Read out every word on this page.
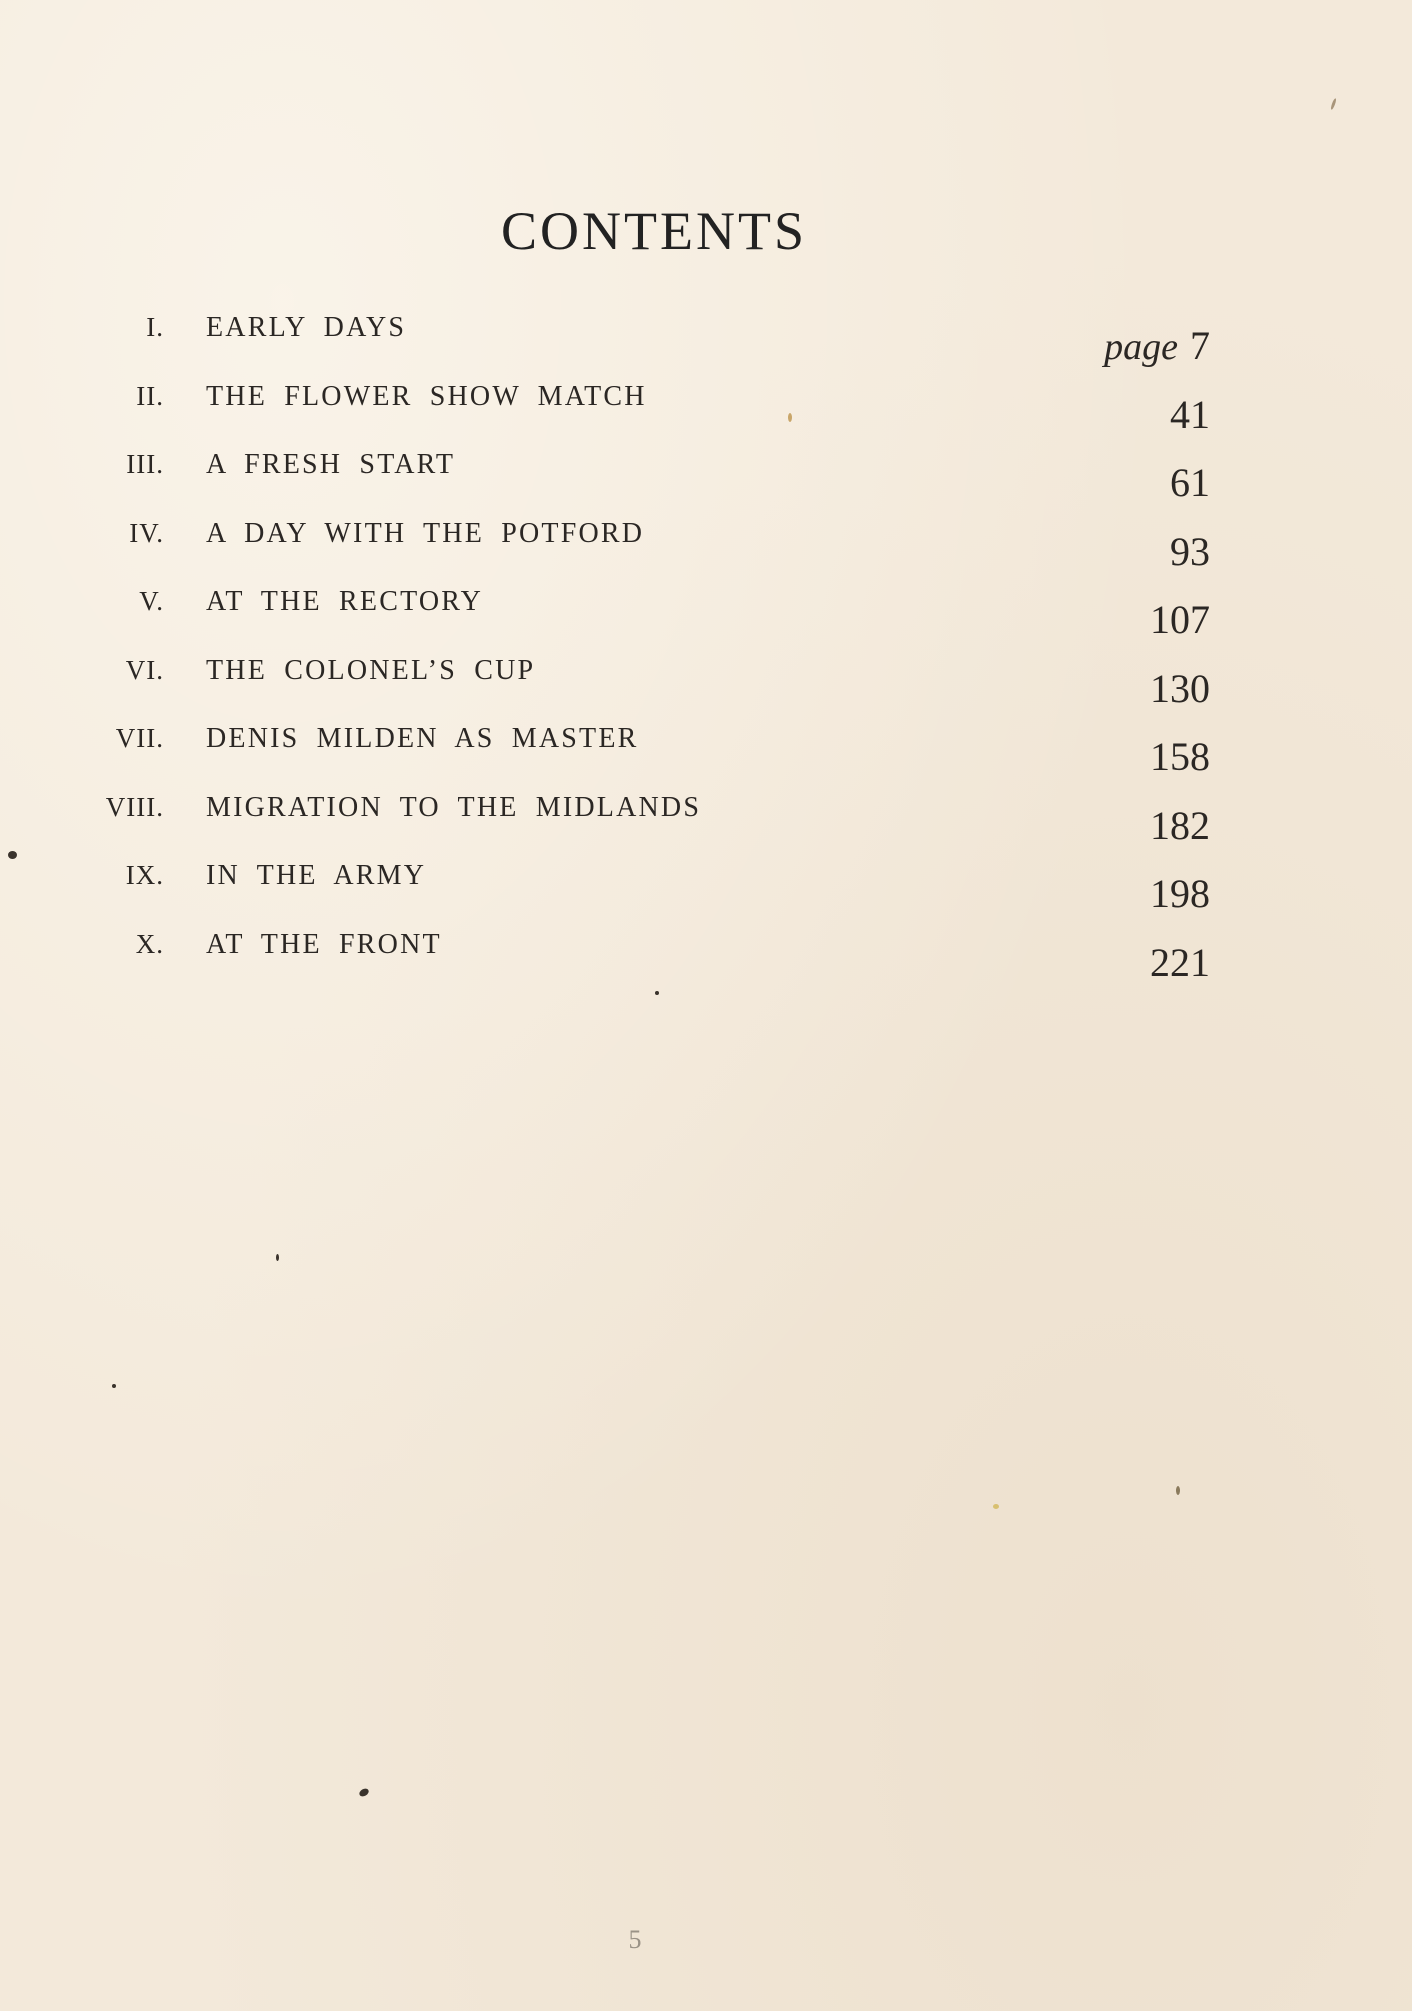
CONTENTS
I. EARLY DAYS	page 7
II. THE FLOWER SHOW MATCH	41
III. A FRESH START	61
IV. A DAY WITH THE POTFORD	93
V. AT THE RECTORY	107
VI. THE COLONEL’S CUP	130
VII. DENIS MILDEN AS MASTER	158
VIII. MIGRATION TO THE MIDLANDS	182
IX. IN THE ARMY	198
X. AT THE FRONT	221
5
